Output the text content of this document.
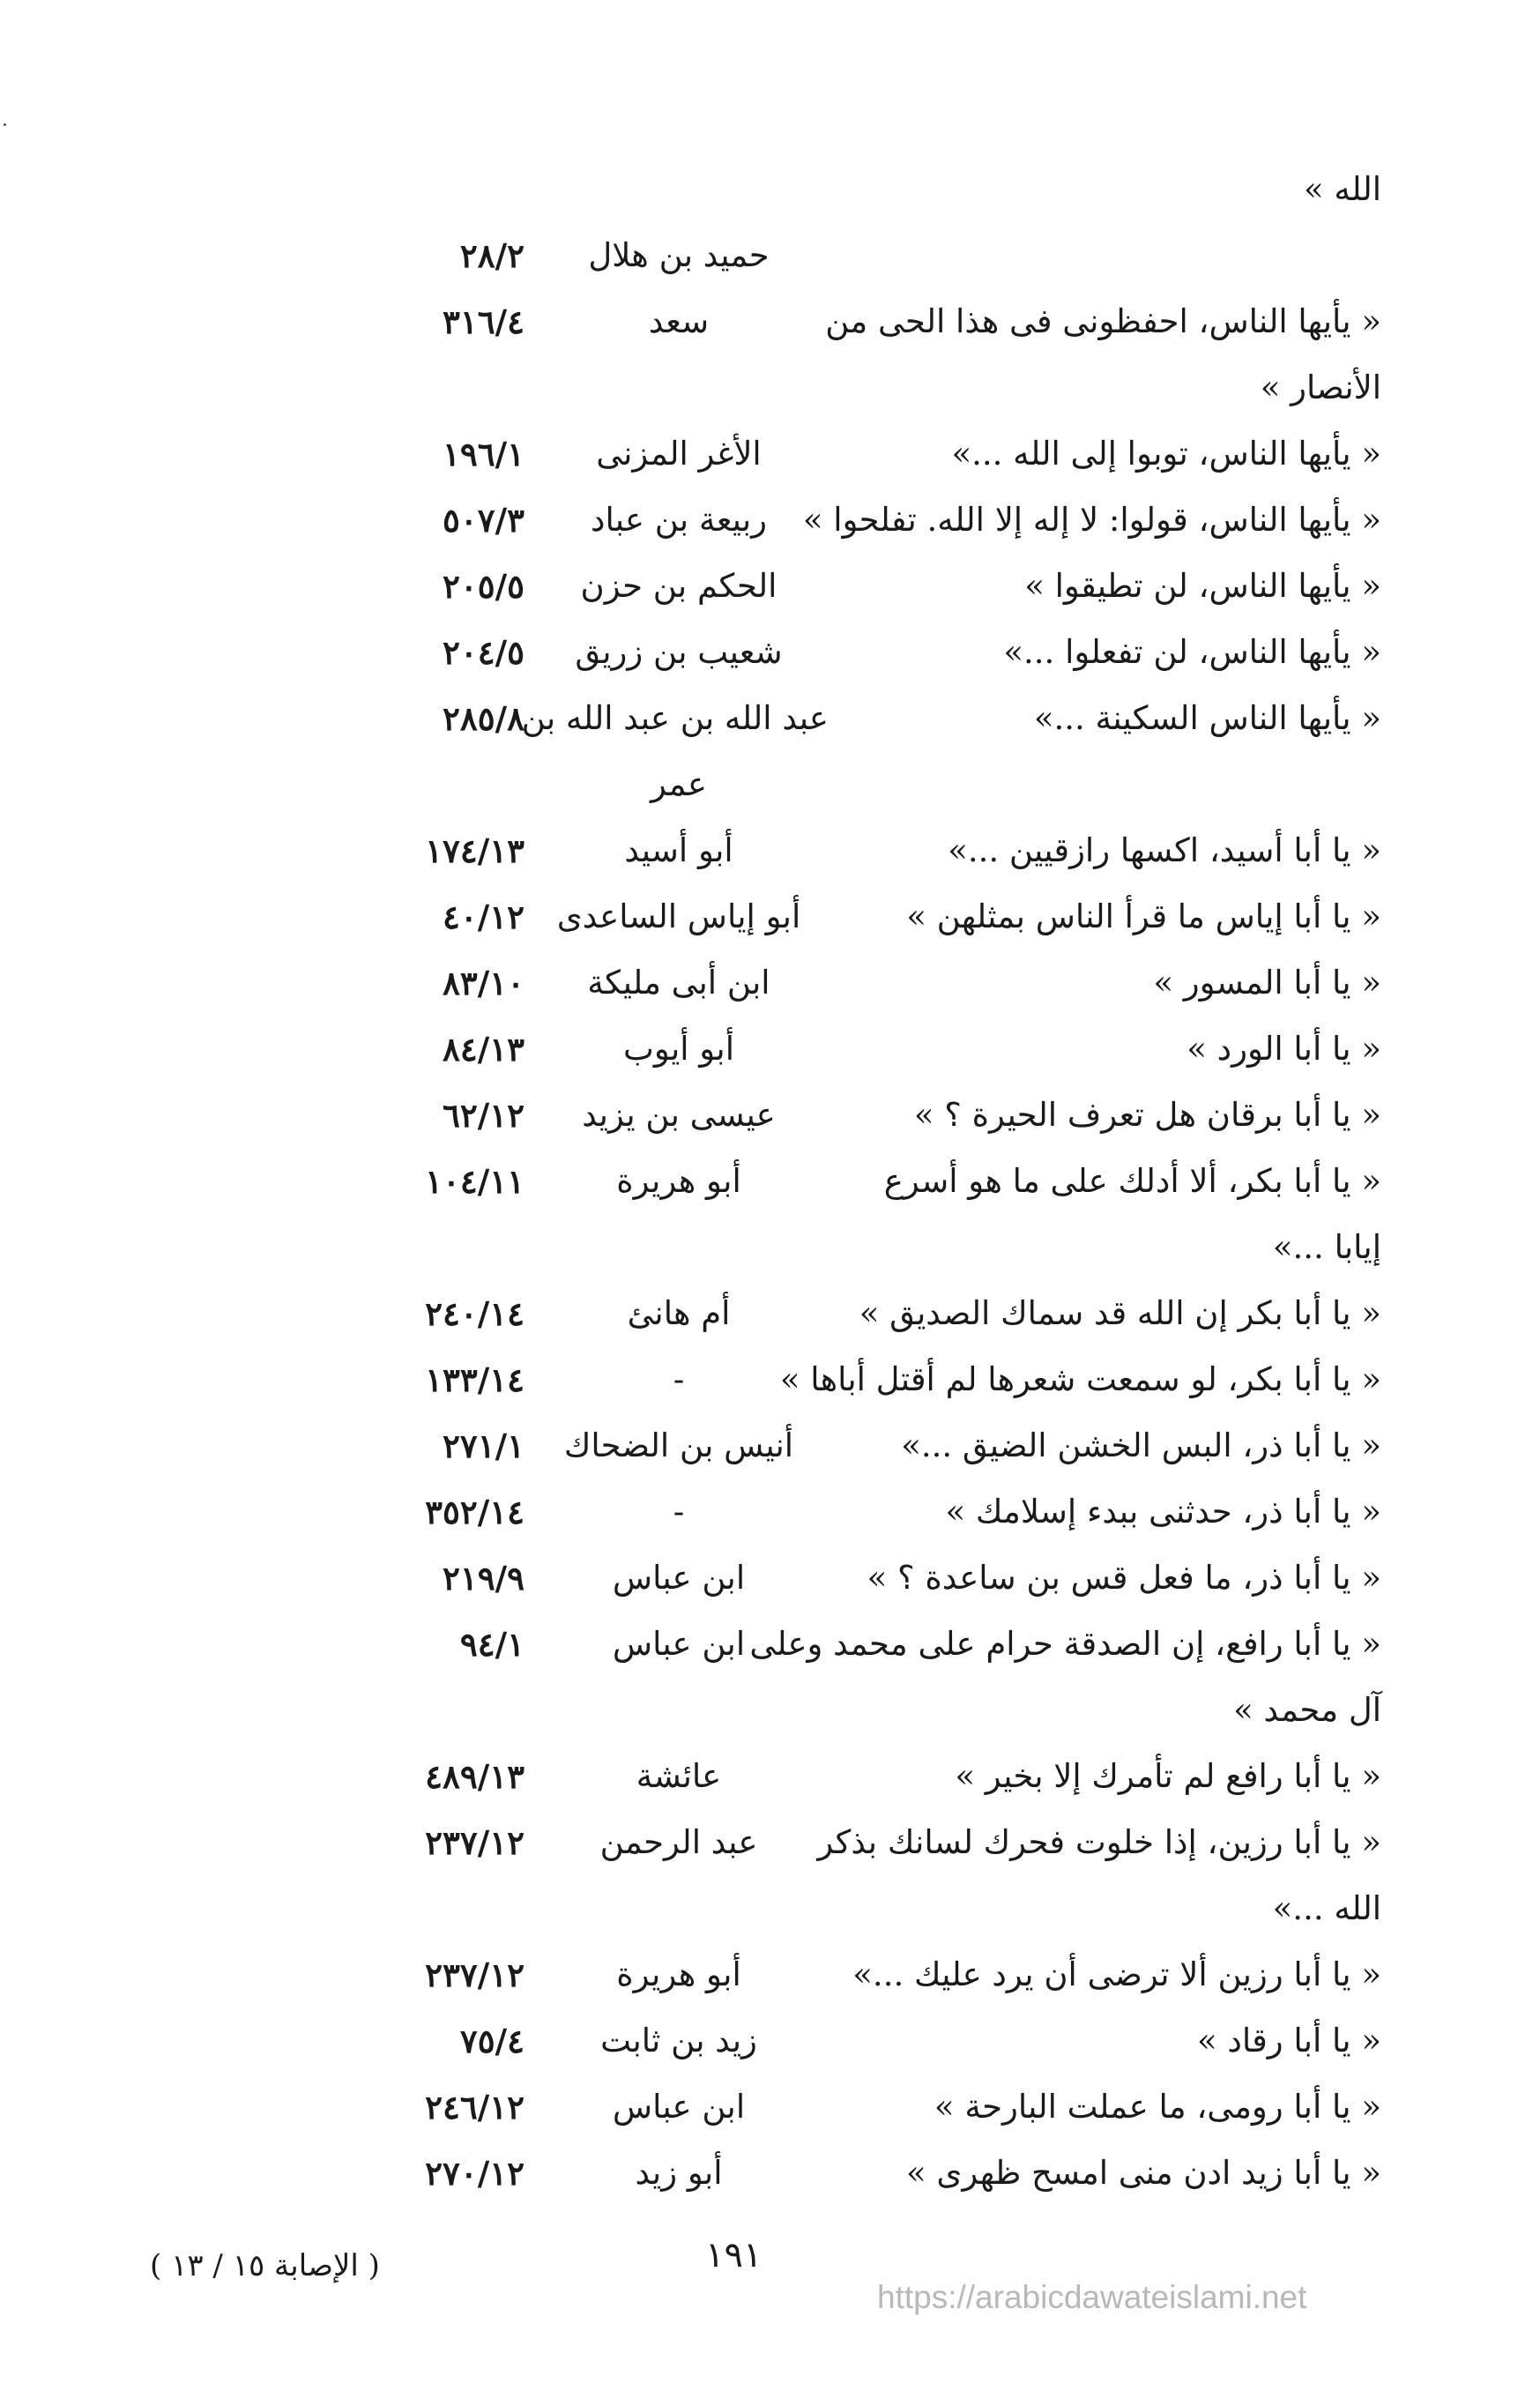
الله »
حميد بن هلال
٢٨/٢
« يأيها الناس، احفظونى فى هذا الحى من
سعد
٣١٦/٤
الأنصار »
« يأيها الناس، توبوا إلى الله ...»
الأغر المزنى
١٩٦/١
« يأيها الناس، قولوا: لا إله إلا الله. تفلحوا »
ربيعة بن عباد
٥٠٧/٣
« يأيها الناس، لن تطيقوا »
الحكم بن حزن
٢٠٥/٥
« يأيها الناس، لن تفعلوا ...»
شعيب بن زريق
٢٠٤/٥
« يأيها الناس السكينة ...»
عبد الله بن عبد الله بن
٢٨٥/٨
عمر
« يا أبا أسيد، اكسها رازقيين ...»
أبو أسيد
١٧٤/١٣
« يا أبا إياس ما قرأ الناس بمثلهن »
أبو إياس الساعدى
٤٠/١٢
« يا أبا المسور »
ابن أبى مليكة
٨٣/١٠
« يا أبا الورد »
أبو أيوب
٨٤/١٣
« يا أبا برقان هل تعرف الحيرة ؟ »
عيسى بن يزيد
٦٢/١٢
« يا أبا بكر، ألا أدلك على ما هو أسرع
أبو هريرة
١٠٤/١١
إيابا ...»
« يا أبا بكر إن الله قد سماك الصديق »
أم هانئ
٢٤٠/١٤
« يا أبا بكر، لو سمعت شعرها لم أقتل أباها »
-
١٣٣/١٤
« يا أبا ذر، البس الخشن الضيق ...»
أنيس بن الضحاك
٢٧١/١
« يا أبا ذر، حدثنى ببدء إسلامك »
-
٣٥٢/١٤
« يا أبا ذر، ما فعل قس بن ساعدة ؟ »
ابن عباس
٢١٩/٩
« يا أبا رافع، إن الصدقة حرام على محمد وعلى
ابن عباس
٩٤/١
آل محمد »
« يا أبا رافع لم تأمرك إلا بخير »
عائشة
٤٨٩/١٣
« يا أبا رزين، إذا خلوت فحرك لسانك بذكر
عبد الرحمن
٢٣٧/١٢
الله ...»
« يا أبا رزين ألا ترضى أن يرد عليك ...»
أبو هريرة
٢٣٧/١٢
« يا أبا رقاد »
زيد بن ثابت
٧٥/٤
« يا أبا رومى، ما عملت البارحة »
ابن عباس
٢٤٦/١٢
« يا أبا زيد ادن منى امسح ظهرى »
أبو زيد
٢٧٠/١٢
١٩١
( الإصابة ١٥ / ١٣ )
https://arabicdawateislami.net
